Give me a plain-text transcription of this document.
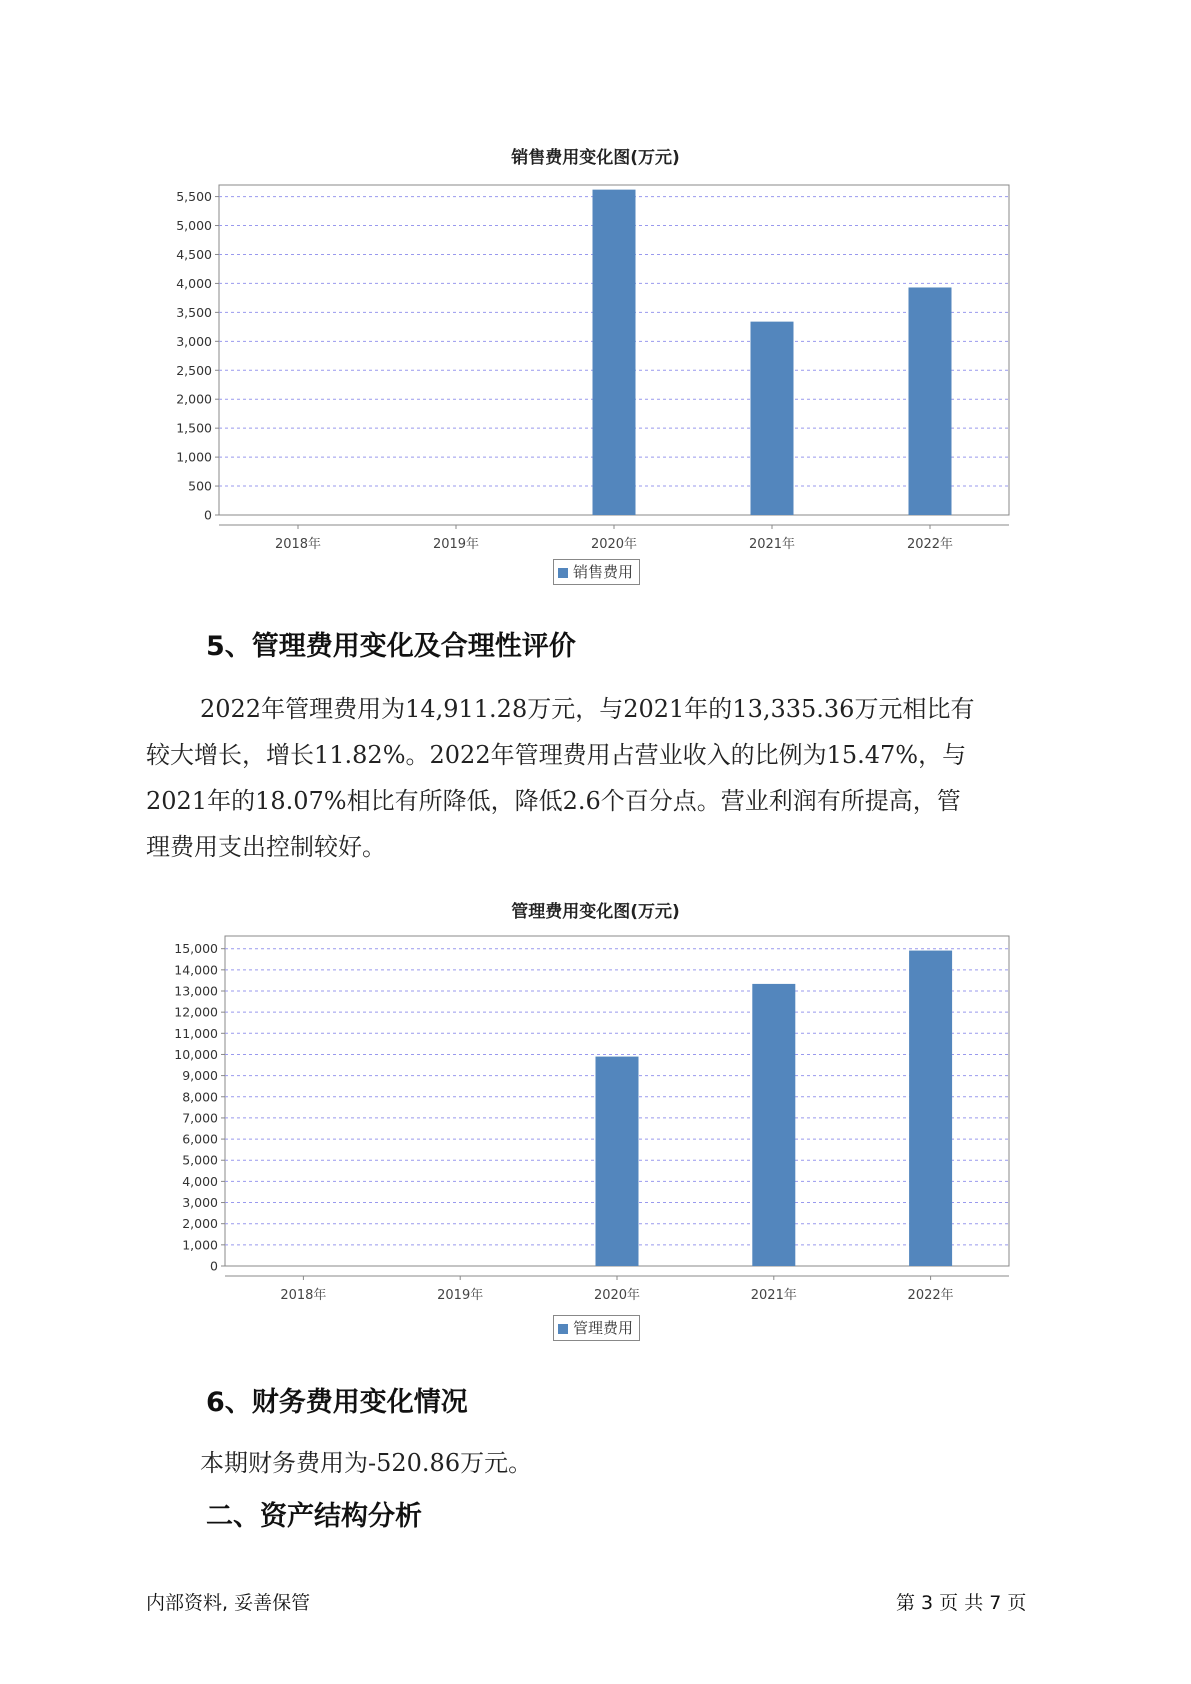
销售费用变化图(万元)
0
500
1,000
1,500
2,000
2,500
3,000
3,500
4,000
4,500
5,000
5,500
2018年	2019年	2020年	2021年	2022年
销售费用
5、管理费用变化及合理性评价
2022年管理费用为14,911.28万元，与2021年的13,335.36万元相比有
较大增长，增长11.82%。2022年管理费用占营业收入的比例为15.47%，与
2021年的18.07%相比有所降低，降低2.6个百分点。营业利润有所提高，管
理费用支出控制较好。
管理费用变化图(万元)
0
1,000
2,000
3,000
4,000
5,000
6,000
7,000
8,000
9,000
10,000
11,000
12,000
13,000
14,000
15,000
2018年	2019年	2020年	2021年	2022年
管理费用
6、财务费用变化情况
本期财务费用为-520.86万元。
二、资产结构分析
内部资料, 妥善保管	第 3 页 共 7 页
